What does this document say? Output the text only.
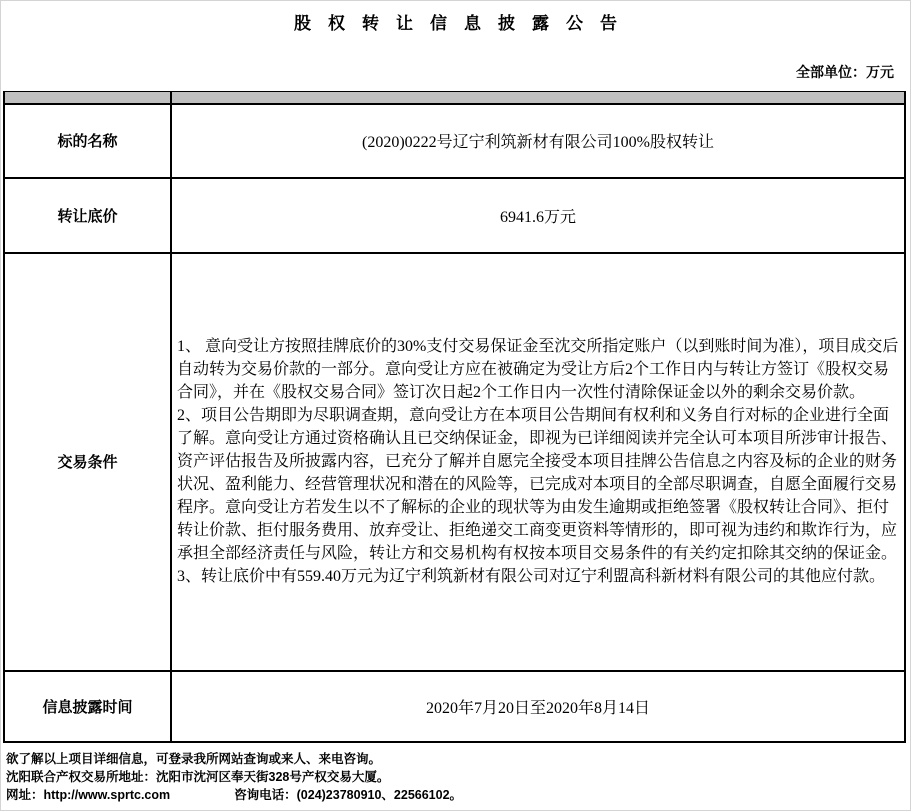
股权转让信息披露公告
全部单位：万元

标的名称	(2020)0222号辽宁利筑新材有限公司100%股权转让
转让底价	6941.6万元
交易条件	1、 意向受让方按照挂牌底价的30%支付交易保证金至沈交所指定账户（以到账时间为准），项目成交后自动转为交易价款的一部分。意向受让方应在被确定为受让方后2个工作日内与转让方签订《股权交易合同》，并在《股权交易合同》签订次日起2个工作日内一次性付清除保证金以外的剩余交易价款。

2、项目公告期即为尽职调查期，意向受让方在本项目公告期间有权利和义务自行对标的企业进行全面了解。意向受让方通过资格确认且已交纳保证金，即视为已详细阅读并完全认可本项目所涉审计报告、资产评估报告及所披露内容，已充分了解并自愿完全接受本项目挂牌公告信息之内容及标的企业的财务状况、盈利能力、经营管理状况和潜在的风险等，已完成对本项目的全部尽职调查，自愿全面履行交易程序。意向受让方若发生以不了解标的企业的现状等为由发生逾期或拒绝签署《股权转让合同》、拒付转让价款、拒付服务费用、放弃受让、拒绝递交工商变更资料等情形的，即可视为违约和欺诈行为，应承担全部经济责任与风险，转让方和交易机构有权按本项目交易条件的有关约定扣除其交纳的保证金。

3、转让底价中有559.40万元为辽宁利筑新材有限公司对辽宁利盟高科新材料有限公司的其他应付款。

信息披露时间	2020年7月20日至2020年8月14日
欲了解以上项目详细信息，可登录我所网站查询或来人、来电咨询。
沈阳联合产权交易所地址：沈阳市沈河区奉天街328号产权交易大厦。
网址：http://www.sprtc.com	咨询电话：(024)23780910、22566102。
